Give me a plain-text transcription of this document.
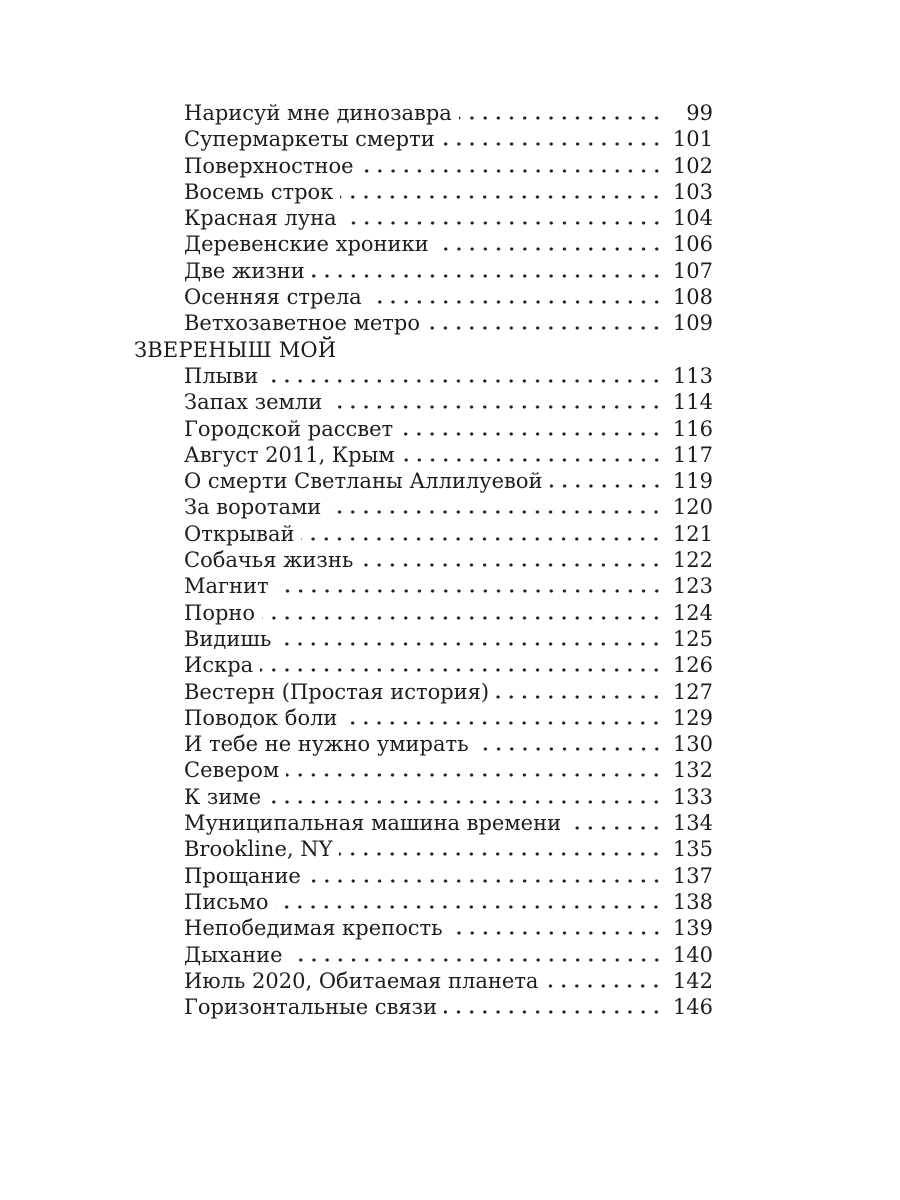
Нарисуй мне динозавра	99
Супермаркеты смерти	101
Поверхностное	102
Восемь строк	103
Красная луна	104
Деревенские хроники	106
Две жизни	107
Осенняя стрела	108
Ветхозаветное метро	109
ЗВЕРЕНЫШ МОЙ
Плыви	113
Запах земли	114
Городской рассвет	116
Август 2011, Крым	117
О смерти Светланы Аллилуевой	119
За воротами	120
Открывай	121
Собачья жизнь	122
Магнит	123
Порно	124
Видишь	125
Искра	126
Вестерн (Простая история)	127
Поводок боли	129
И тебе не нужно умирать	130
Севером	132
К зиме	133
Муниципальная машина времени	134
Brookline, NY	135
Прощание	137
Письмо	138
Непобедимая крепость	139
Дыхание	140
Июль 2020, Обитаемая планета	142
Горизонтальные связи	146
